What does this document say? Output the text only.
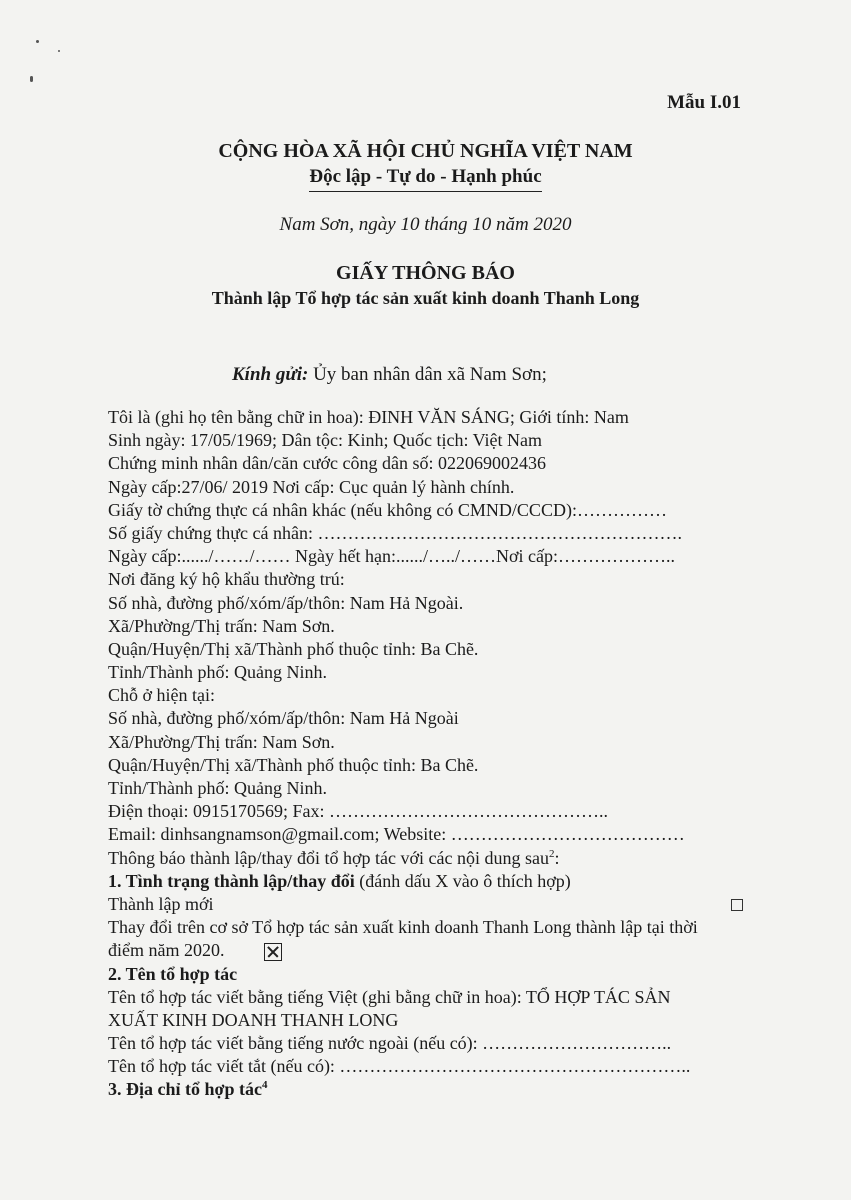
Mẫu I.01
CỘNG HÒA XÃ HỘI CHỦ NGHĨA VIỆT NAM
Độc lập - Tự do - Hạnh phúc
Nam Sơn, ngày 10 tháng 10 năm 2020
GIẤY THÔNG BÁO
Thành lập Tổ hợp tác sản xuất kinh doanh Thanh Long
Kính gửi: Ủy ban nhân dân xã Nam Sơn;
Tôi là (ghi họ tên bằng chữ in hoa): ĐINH VĂN SÁNG; Giới tính: Nam
Sinh ngày: 17/05/1969; Dân tộc: Kinh; Quốc tịch: Việt Nam
Chứng minh nhân dân/căn cước công dân số: 022069002436
Ngày cấp:27/06/ 2019 Nơi cấp: Cục quản lý hành chính.
Giấy tờ chứng thực cá nhân khác (nếu không có CMND/CCCD):……………
Số giấy chứng thực cá nhân: …………………………………………………….
Ngày cấp:....../……/…… Ngày hết hạn:....../…../……Nơi cấp:………………..
Nơi đăng ký hộ khẩu thường trú:
Số nhà, đường phố/xóm/ấp/thôn: Nam Hả Ngoài.
Xã/Phường/Thị trấn: Nam Sơn.
Quận/Huyện/Thị xã/Thành phố thuộc tỉnh: Ba Chẽ.
Tỉnh/Thành phố: Quảng Ninh.
Chỗ ở hiện tại:
Số nhà, đường phố/xóm/ấp/thôn: Nam Hả Ngoài
Xã/Phường/Thị trấn: Nam Sơn.
Quận/Huyện/Thị xã/Thành phố thuộc tỉnh: Ba Chẽ.
Tỉnh/Thành phố: Quảng Ninh.
Điện thoại: 0915170569; Fax: ………………………………………..
Email: dinhsangnamson@gmail.com; Website: …………………………………
Thông báo thành lập/thay đổi tổ hợp tác với các nội dung sau$^2$:
1. Tình trạng thành lập/thay đổi (đánh dấu X vào ô thích hợp)
Thành lập mới
Thay đổi trên cơ sở Tổ hợp tác sản xuất kinh doanh Thanh Long thành lập tại thời
điểm năm 2020.
2. Tên tổ hợp tác
Tên tổ hợp tác viết bằng tiếng Việt (ghi bằng chữ in hoa): TỔ HỢP TÁC SẢN
XUẤT KINH DOANH THANH LONG
Tên tổ hợp tác viết bằng tiếng nước ngoài (nếu có): …………………………..
Tên tổ hợp tác viết tắt (nếu có): …………………………………………………..
3. Địa chỉ tổ hợp tác$^4$
